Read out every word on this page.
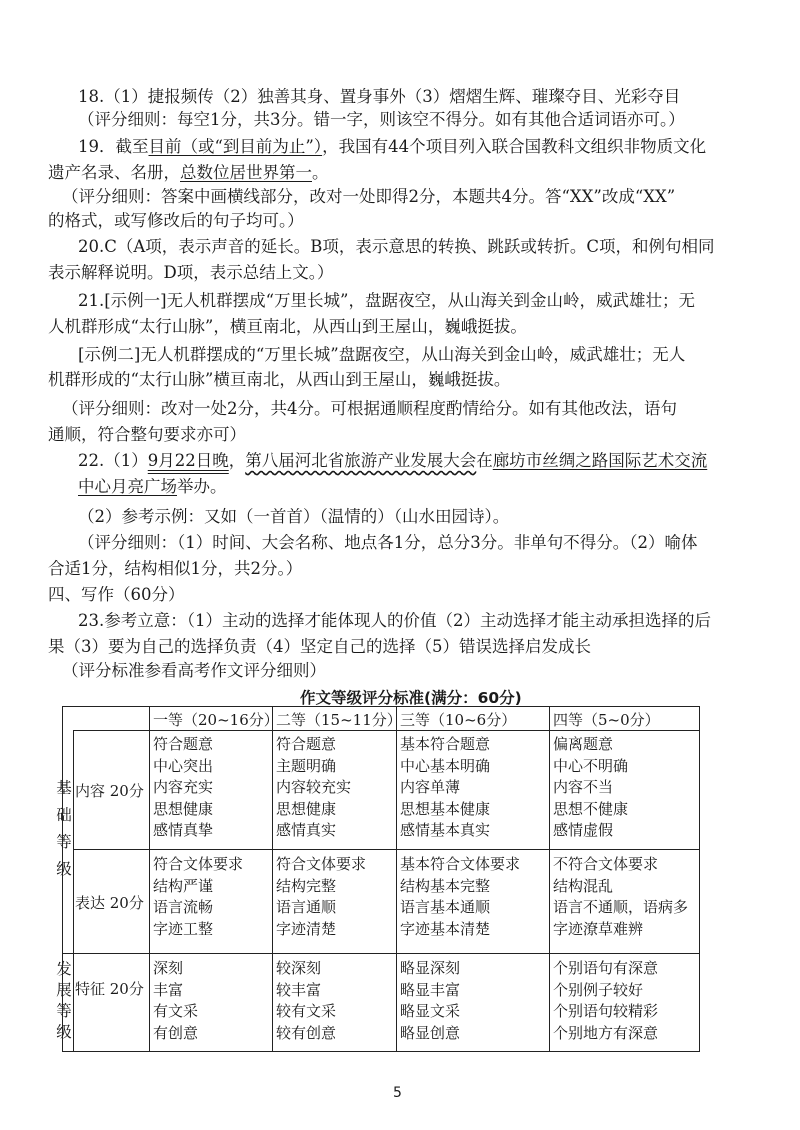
18.（1）捷报频传（2）独善其身、置身事外（3）熠熠生辉、璀璨夺目、光彩夺目
（评分细则：每空1分，共3分。错一字，则该空不得分。如有其他合适词语亦可。）
19．截至目前（或“到目前为止”），我国有44个项目列入联合国教科文组织非物质文化
遗产名录、名册，总数位居世界第一。
（评分细则：答案中画横线部分，改对一处即得2分，本题共4分。答“XX”改成“XX”
的格式，或写修改后的句子均可。）
20.C（A项，表示声音的延长。B项，表示意思的转换、跳跃或转折。C项，和例句相同
表示解释说明。D项，表示总结上文。）
21.[示例一]无人机群摆成“万里长城”，盘踞夜空，从山海关到金山岭，威武雄壮；无
人机群形成“太行山脉”，横亘南北，从西山到王屋山，巍峨挺拔。
[示例二]无人机群摆成的“万里长城”盘踞夜空，从山海关到金山岭，威武雄壮；无人
机群形成的“太行山脉”横亘南北，从西山到王屋山，巍峨挺拔。
（评分细则：改对一处2分，共4分。可根据通顺程度酌情给分。如有其他改法，语句
通顺，符合整句要求亦可）
22.（1）9月22日晚，第八届河北省旅游产业发展大会在廊坊市丝绸之路国际艺术交流
中心月亮广场举办。
（2）参考示例：又如（一首首）（温情的）（山水田园诗）。
（评分细则：（1）时间、大会名称、地点各1分，总分3分。非单句不得分。（2）喻体
合适1分，结构相似1分，共2分。）
四、写作（60分）
23.参考立意：（1）主动的选择才能体现人的价值（2）主动选择才能主动承担选择的后
果（3）要为自己的选择负责（4）坚定自己的选择（5）错误选择启发成长
（评分标准参看高考作文评分细则）
作文等级评分标准(满分：60分)
一等（20~16分）
二等（15~11分）
三等（10~6分） 四等（5~0分）
基础等级
发展等级
内容 20分
表达 20分
特征 20分
符合题意
中心突出
内容充实
思想健康
感情真挚
符合题意
主题明确
内容较充实
思想健康
感情真实
基本符合题意
中心基本明确
内容单薄
思想基本健康
感情基本真实
偏离题意
中心不明确
内容不当
思想不健康
感情虚假
符合文体要求
结构严谨
语言流畅
字迹工整
符合文体要求
结构完整
语言通顺
字迹清楚
基本符合文体要求
结构基本完整
语言基本通顺
字迹基本清楚
不符合文体要求
结构混乱
语言不通顺，语病多
字迹潦草难辨
深刻
丰富
有文采
有创意
较深刻
较丰富
较有文采
较有创意
略显深刻
略显丰富
略显文采
略显创意
个别语句有深意
个别例子较好
个别语句较精彩
个别地方有深意
5
